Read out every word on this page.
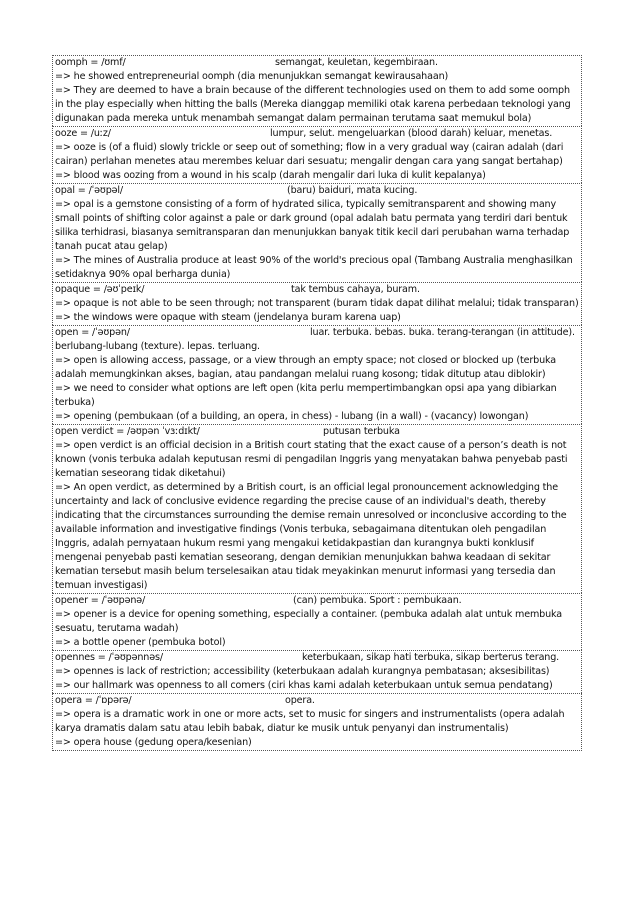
oomph = /ʊmf/	semangat, keuletan, kegembiraan.
=> he showed entrepreneurial oomph (dia menunjukkan semangat kewirausahaan)
=> They are deemed to have a brain because of the different technologies used on them to add some oomph in the play especially when hitting the balls (Mereka dianggap memiliki otak karena perbedaan teknologi yang digunakan pada mereka untuk menambah semangat dalam permainan terutama saat memukul bola)
ooze = /uːz/	lumpur, selut. mengeluarkan (blood darah) keluar, menetas.
=> ooze is (of a fluid) slowly trickle or seep out of something; flow in a very gradual way (cairan adalah (dari cairan) perlahan menetes atau merembes keluar dari sesuatu; mengalir dengan cara yang sangat bertahap)
=> blood was oozing from a wound in his scalp (darah mengalir dari luka di kulit kepalanya)
opal = /ˈəʊpəl/	(baru) baiduri, mata kucing.
=> opal is a gemstone consisting of a form of hydrated silica, typically semitransparent and showing many small points of shifting color against a pale or dark ground (opal adalah batu permata yang terdiri dari bentuk silika terhidrasi, biasanya semitransparan dan menunjukkan banyak titik kecil dari perubahan warna terhadap tanah pucat atau gelap)
=> The mines of Australia produce at least 90% of the world's precious opal (Tambang Australia menghasilkan setidaknya 90% opal berharga dunia)
opaque = /əʊˈpeɪk/	tak tembus cahaya, buram.
=> opaque is not able to be seen through; not transparent (buram tidak dapat dilihat melalui; tidak transparan)
=> the windows were opaque with steam (jendelanya buram karena uap)
open = /ˈəʊpən/	luar. terbuka. bebas. buka. terang-terangan (in attitude).
berlubang-lubang (texture). lepas. terluang.
=> open is allowing access, passage, or a view through an empty space; not closed or blocked up (terbuka adalah memungkinkan akses, bagian, atau pandangan melalui ruang kosong; tidak ditutup atau diblokir)
=> we need to consider what options are left open (kita perlu mempertimbangkan opsi apa yang dibiarkan terbuka)
=> opening (pembukaan (of a building, an opera, in chess) - lubang (in a wall) - (vacancy) lowongan)
open verdict = /əʊpən ˈvɜːdɪkt/	putusan terbuka
=> open verdict is an official decision in a British court stating that the exact cause of a person’s death is not known (vonis terbuka adalah keputusan resmi di pengadilan Inggris yang menyatakan bahwa penyebab pasti kematian seseorang tidak diketahui)
=> An open verdict, as determined by a British court, is an official legal pronouncement acknowledging the uncertainty and lack of conclusive evidence regarding the precise cause of an individual's death, thereby indicating that the circumstances surrounding the demise remain unresolved or inconclusive according to the available information and investigative findings (Vonis terbuka, sebagaimana ditentukan oleh pengadilan Inggris, adalah pernyataan hukum resmi yang mengakui ketidakpastian dan kurangnya bukti konklusif mengenai penyebab pasti kematian seseorang, dengan demikian menunjukkan bahwa keadaan di sekitar kematian tersebut masih belum terselesaikan atau tidak meyakinkan menurut informasi yang tersedia dan temuan investigasi)
opener = /ˈəʊpənə/	(can) pembuka. Sport : pembukaan.
=> opener is a device for opening something, especially a container. (pembuka adalah alat untuk membuka sesuatu, terutama wadah)
=> a bottle opener (pembuka botol)
opennes = /ˈəʊpənnəs/	keterbukaan, sikap hati terbuka, sikap berterus terang.
=> opennes is lack of restriction; accessibility (keterbukaan adalah kurangnya pembatasan; aksesibilitas)
=> our hallmark was openness to all comers (ciri khas kami adalah keterbukaan untuk semua pendatang)
opera = /ˈɒpərə/	opera.
=> opera is a dramatic work in one or more acts, set to music for singers and instrumentalists (opera adalah karya dramatis dalam satu atau lebih babak, diatur ke musik untuk penyanyi dan instrumentalis)
=> opera house (gedung opera/kesenian)
